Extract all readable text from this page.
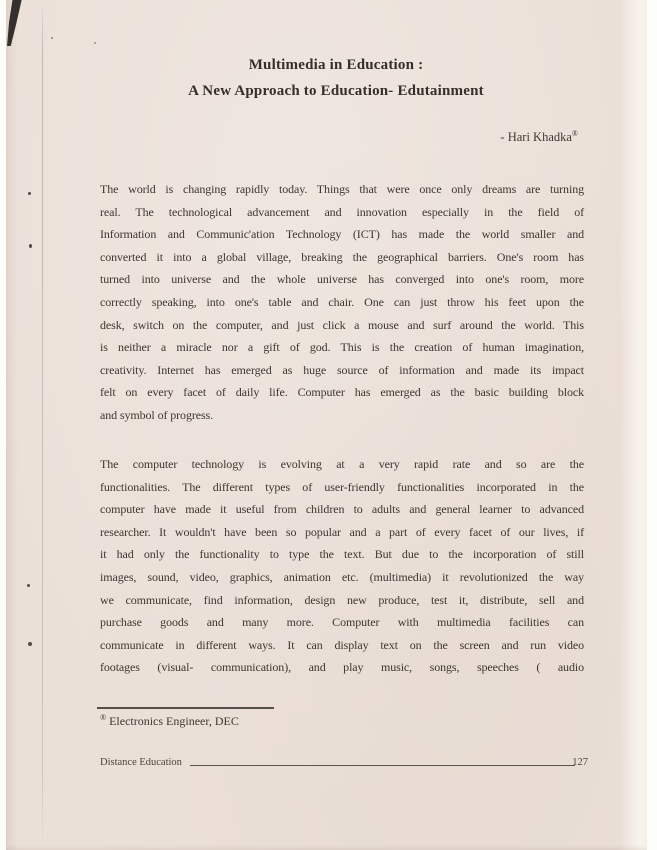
Multimedia in Education :
A New Approach to Education- Edutainment
- Hari Khadka®
The world is changing rapidly today. Things that were once only dreams are turning
real. The technological advancement and innovation especially in the field of
Information and Communic'ation Technology (ICT) has made the world smaller and
converted it into a global village, breaking the geographical barriers. One's room has
turned into universe and the whole universe has converged into one's room, more
correctly speaking, into one's table and chair. One can just throw his feet upon the
desk, switch on the computer, and just click a mouse and surf around the world. This
is neither a miracle nor a gift of god. This is the creation of human imagination,
creativity. Internet has emerged as huge source of information and made its impact
felt on every facet of daily life. Computer has emerged as the basic building block
and symbol of progress.
The computer technology is evolving at a very rapid rate and so are the
functionalities. The different types of user-friendly functionalities incorporated in the
computer have made it useful from children to adults and general learner to advanced
researcher. It wouldn't have been so popular and a part of every facet of our lives, if
it had only the functionality to type the text. But due to the incorporation of still
images, sound, video, graphics, animation etc. (multimedia) it revolutionized the way
we communicate, find information, design new produce, test it, distribute, sell and
purchase goods and many more. Computer with multimedia facilities can
communicate in different ways. It can display text on the screen and run video
footages (visual- communication), and play music, songs, speeches ( audio
® Electronics Engineer, DEC
Distance Education	127
